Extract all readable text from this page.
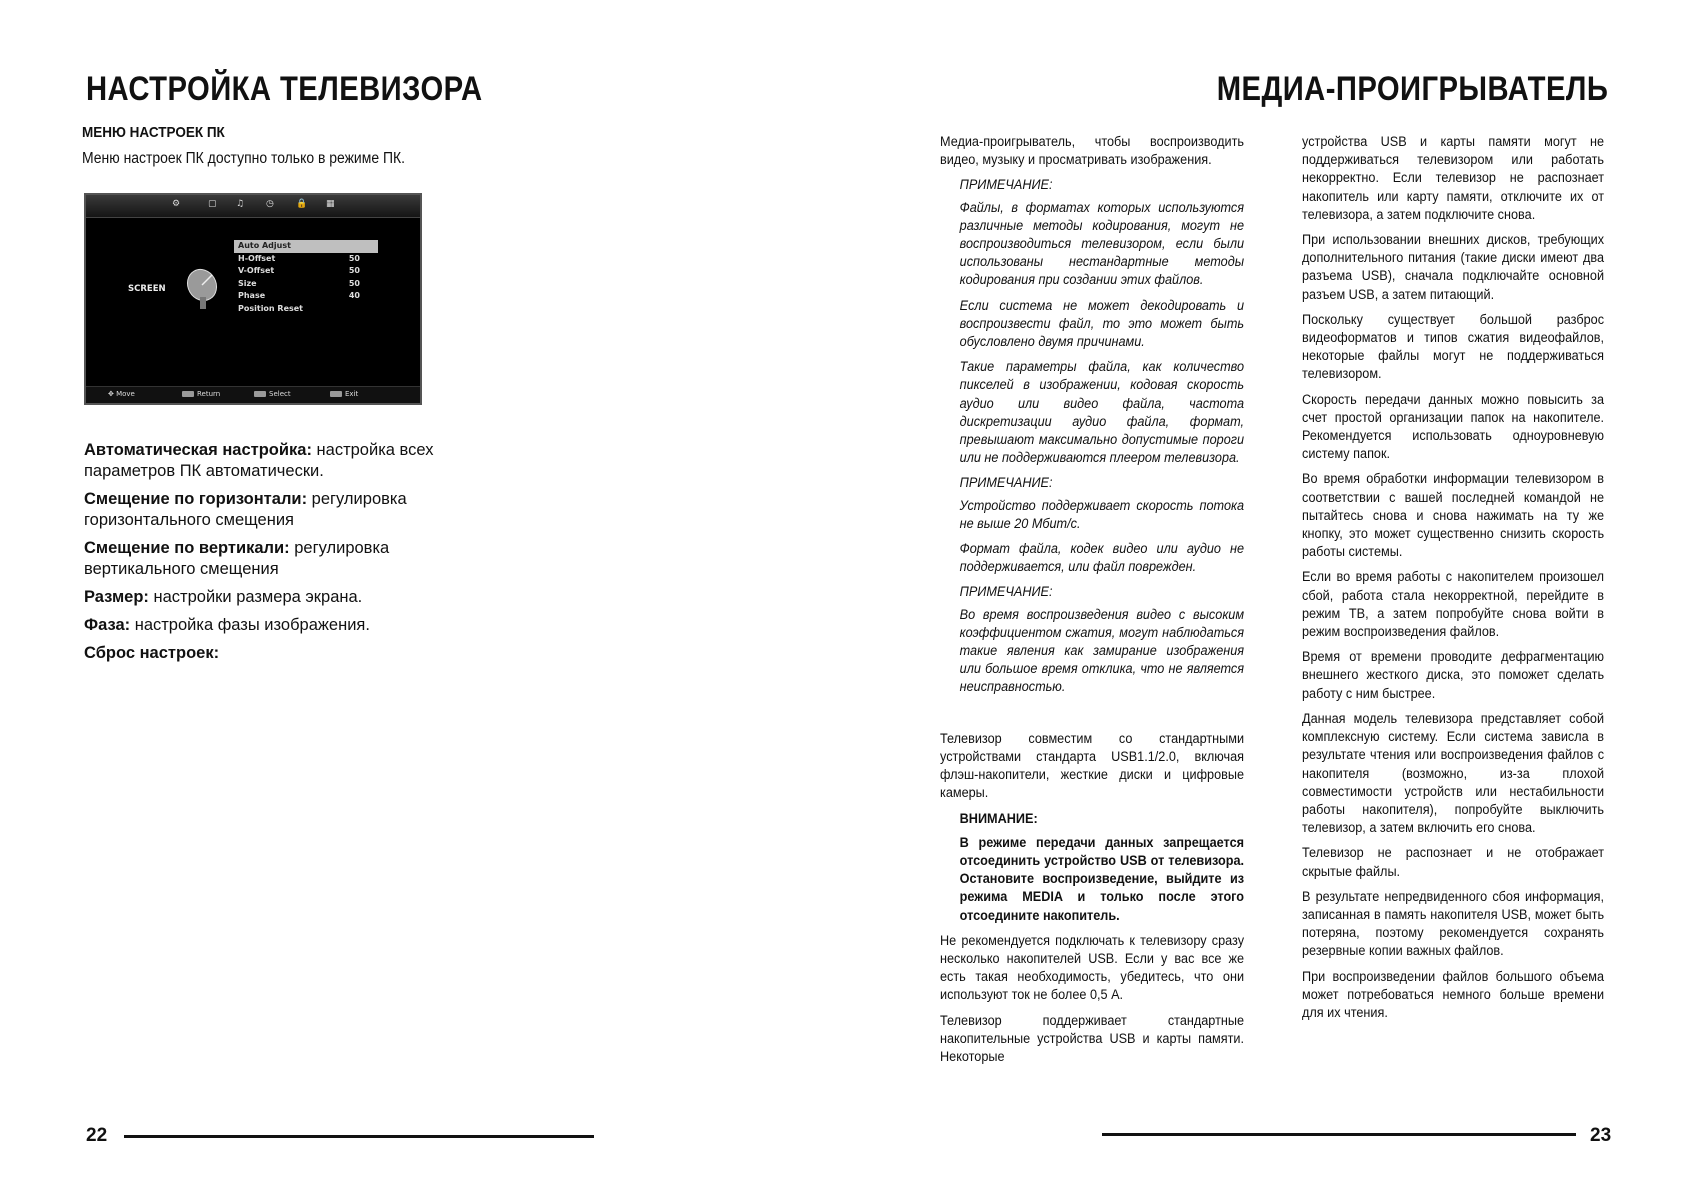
НАСТРОЙКА ТЕЛЕВИЗОРА
МЕНЮ НАСТРОЕК ПК

Меню настроек ПК доступно только в режиме ПК.

⚙	▢ ♫ ◷ 🔒 ▦
SCREEN
Auto Adjust
H-Offset	50
V-Offset	50
Size	50
Phase	40
Position Reset
✥ Move	Return	Select	Exit

Автоматическая настройка: настройка всех параметров ПК автоматически.

Смещение по горизонтали: регулировка горизонтального смещения

Смещение по вертикали: регулировка вертикального смещения

Размер: настройки размера экрана.

Фаза: настройка фазы изображения.

Сброс настроек:

22
МЕДИА-ПРОИГРЫВАТЕЛЬ

Медиа-проигрыватель, чтобы воспроизводить видео, музыку и просматривать изображения.

ПРИМЕЧАНИЕ:

Файлы, в форматах которых используются различные методы кодирования, могут не воспроизводиться телевизором, если были использованы нестандартные методы кодирования при создании этих файлов.

Если система не может декодировать и воспроизвести файл, то это может быть обусловлено двумя причинами.

Такие параметры файла, как количество пикселей в изображении, кодовая скорость аудио или видео файла, частота дискретизации аудио файла, формат, превышают максимально допустимые пороги или не поддерживаются плеером телевизора.

ПРИМЕЧАНИЕ:

Устройство поддерживает скорость потока не выше 20 Мбит/с.

Формат файла, кодек видео или аудио не поддерживается, или файл поврежден.

ПРИМЕЧАНИЕ:

Во время воспроизведения видео с высоким коэффициентом сжатия, могут наблюдаться такие явления как замирание изображения или большое время отклика, что не является неисправностью.

Телевизор совместим со стандартными устройствами стандарта USB1.1/2.0, включая флэш-накопители, жесткие диски и цифровые камеры.

ВНИМАНИЕ:

В режиме передачи данных запрещается отсоединить устройство USB от телевизора. Остановите воспроизведение, выйдите из режима MEDIA и только после этого отсоедините накопитель.

Не рекомендуется подключать к телевизору сразу несколько накопителей USB. Если у вас все же есть такая необходимость, убедитесь, что они используют ток не более 0,5 А.

Телевизор поддерживает стандартные накопительные устройства USB и карты памяти. Некоторые

устройства USB и карты памяти могут не поддерживаться телевизором или работать некорректно. Если телевизор не распознает накопитель или карту памяти, отключите их от телевизора, а затем подключите снова.

При использовании внешних дисков, требующих дополнительного питания (такие диски имеют два разъема USB), сначала подключайте основной разъем USB, а затем питающий.

Поскольку существует большой разброс видеоформатов и типов сжатия видеофайлов, некоторые файлы могут не поддерживаться телевизором.

Скорость передачи данных можно повысить за счет простой организации папок на накопителе. Рекомендуется использовать одноуровневую систему папок.

Во время обработки информации телевизором в соответствии с вашей последней командой не пытайтесь снова и снова нажимать на ту же кнопку, это может существенно снизить скорость работы системы.

Если во время работы с накопителем произошел сбой, работа стала некорректной, перейдите в режим ТВ, а затем попробуйте снова войти в режим воспроизведения файлов.

Время от времени проводите дефрагментацию внешнего жесткого диска, это поможет сделать работу с ним быстрее.

Данная модель телевизора представляет собой комплексную систему. Если система зависла в результате чтения или воспроизведения файлов с накопителя (возможно, из-за плохой совместимости устройств или нестабильности работы накопителя), попробуйте выключить телевизор, а затем включить его снова.

Телевизор не распознает и не отображает скрытые файлы.

В результате непредвиденного сбоя информация, записанная в память накопителя USB, может быть потеряна, поэтому рекомендуется сохранять резервные копии важных файлов.

При воспроизведении файлов большого объема может потребоваться немного больше времени для их чтения.

23
